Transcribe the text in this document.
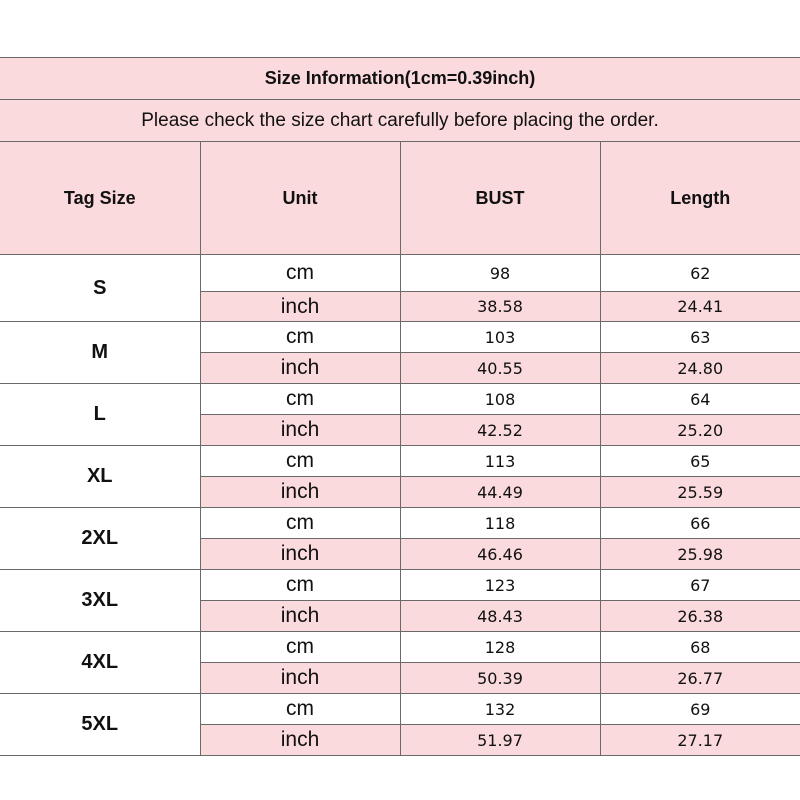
Size Information(1cm=0.39inch)
Please check the size chart carefully before placing the order.
Tag Size	Unit	BUST	Length
S	cm	98	62
	inch	38.58	24.41
M	cm	103	63
	inch	40.55	24.80
L	cm	108	64
	inch	42.52	25.20
XL	cm	113	65
	inch	44.49	25.59
2XL	cm	118	66
	inch	46.46	25.98
3XL	cm	123	67
	inch	48.43	26.38
4XL	cm	128	68
	inch	50.39	26.77
5XL	cm	132	69
	inch	51.97	27.17
